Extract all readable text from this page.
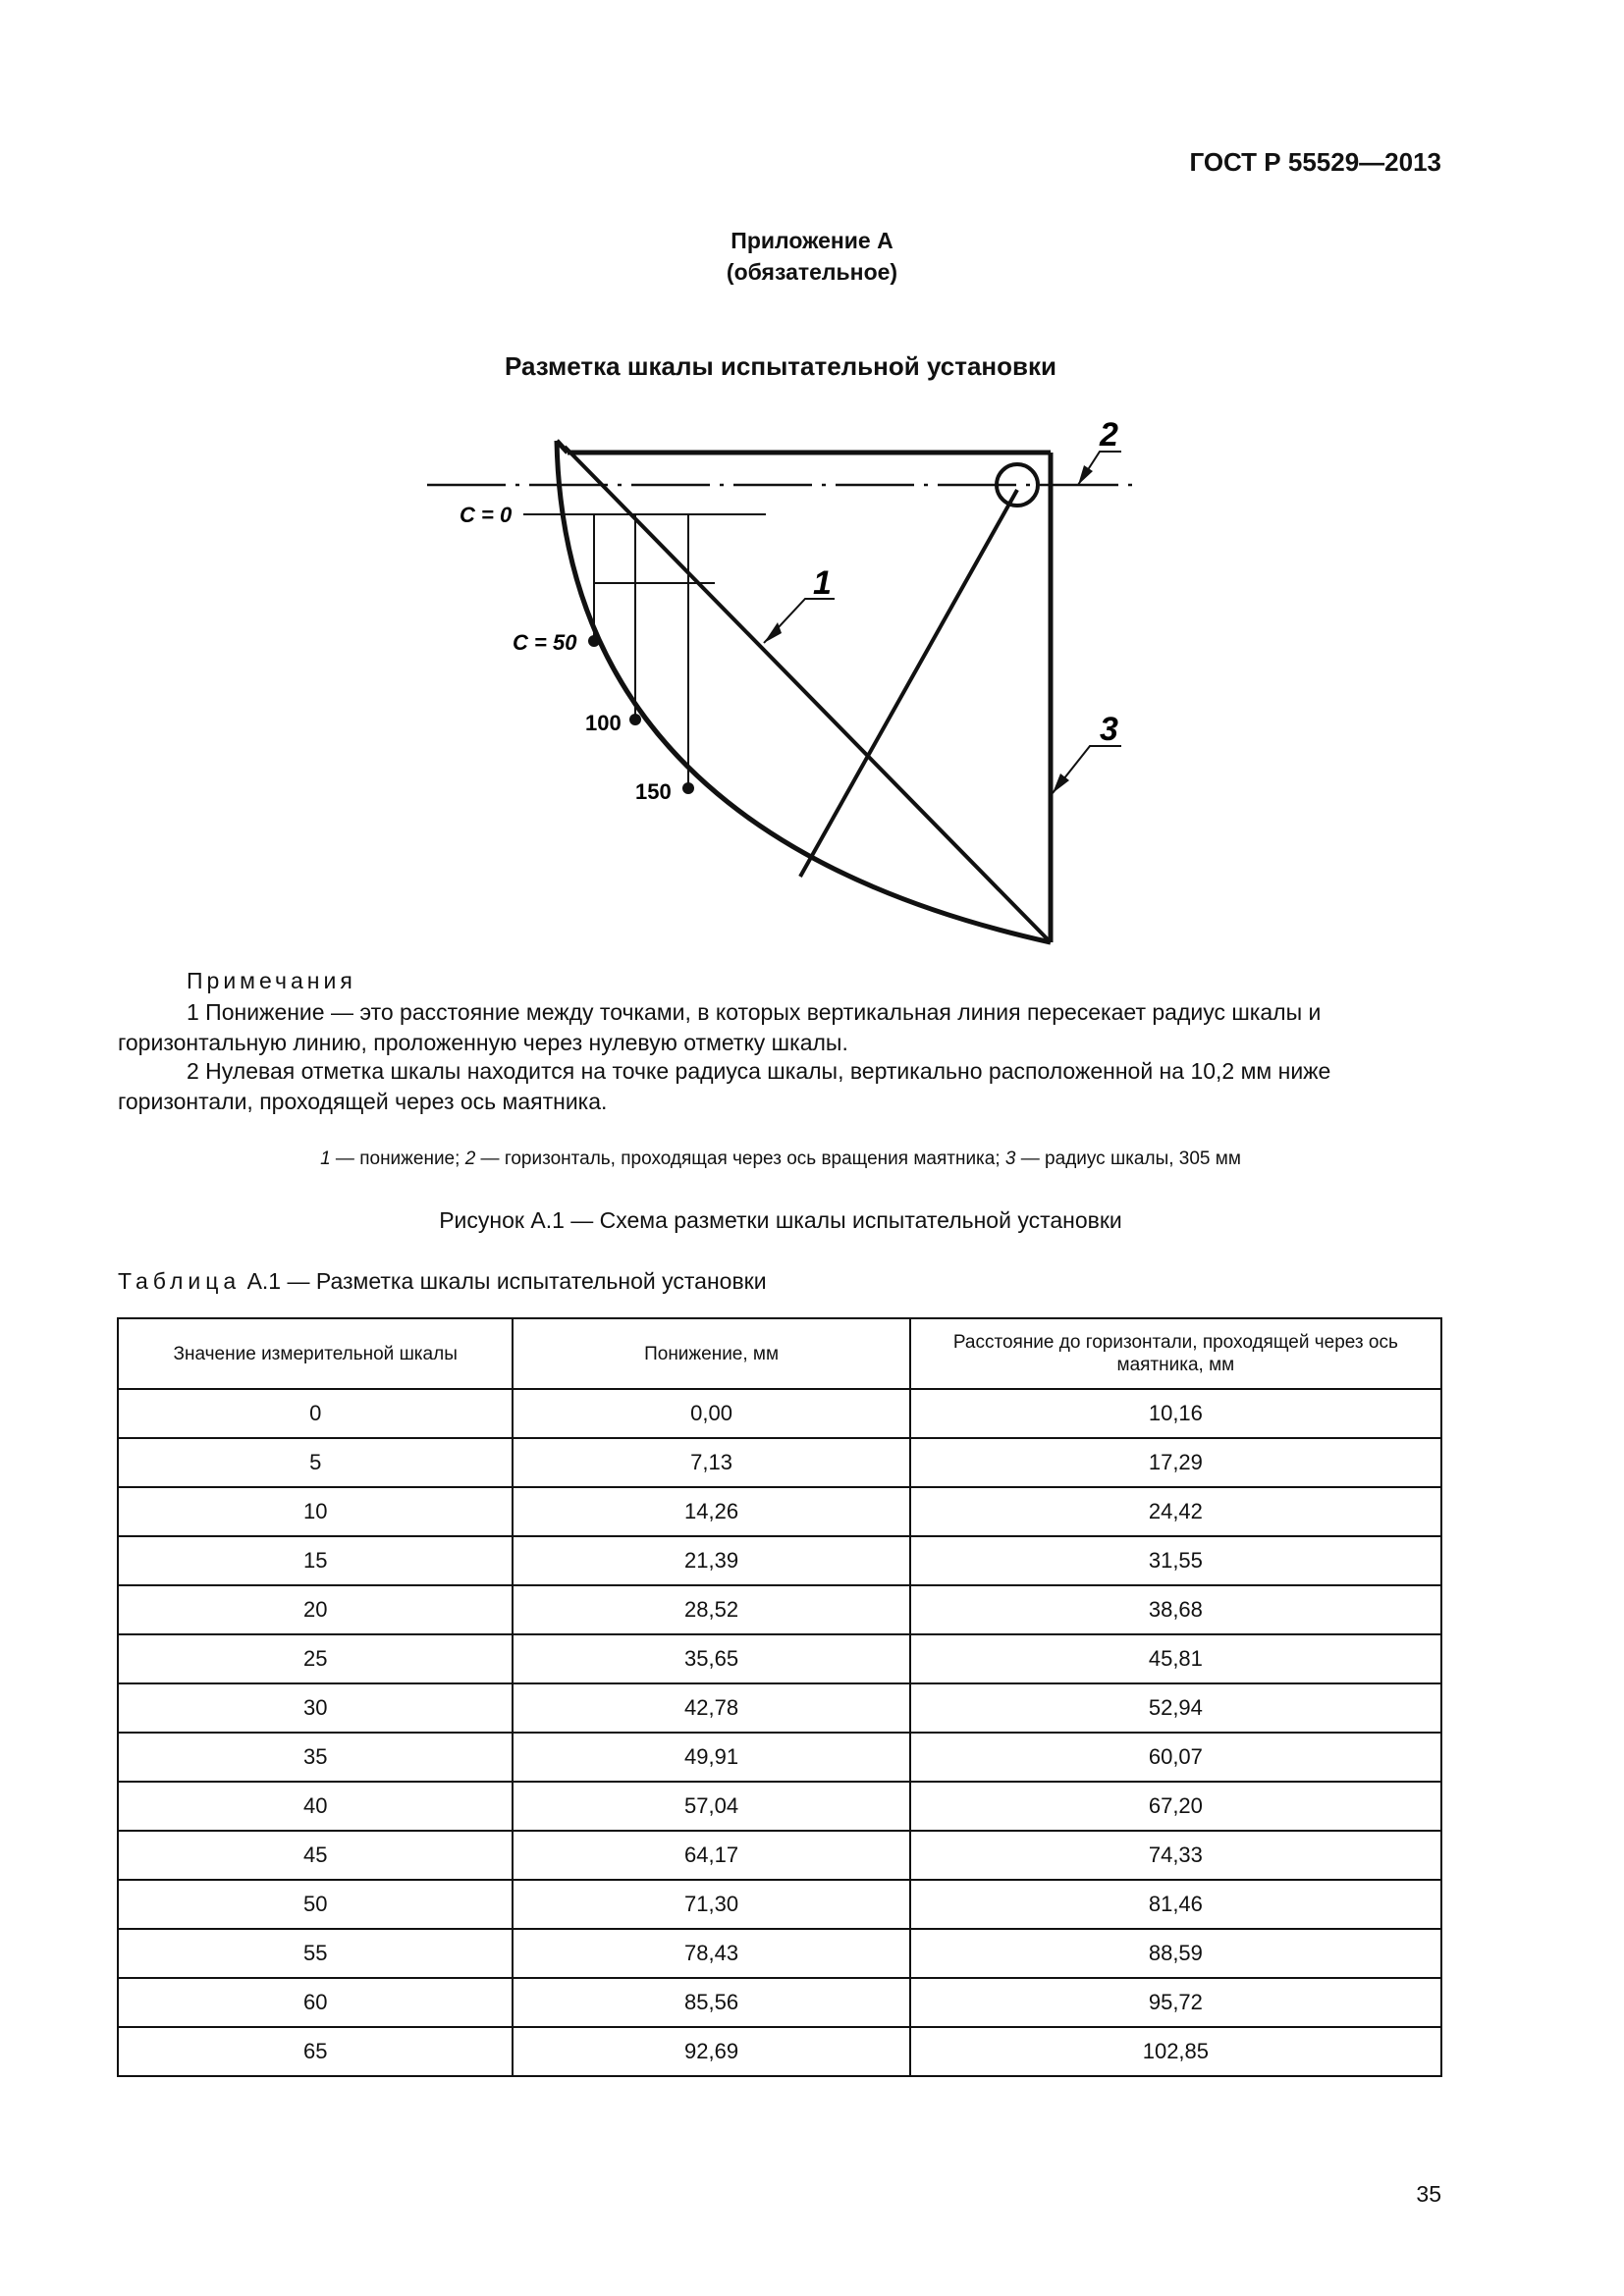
ГОСТ Р 55529—2013
Приложение А
(обязательное)
Разметка шкалы испытательной установки
C = 0
C = 50
100
150
1
2
3
Примечания
1 Понижение — это расстояние между точками, в которых вертикальная линия пересекает радиус шкалы и горизонтальную линию, проложенную через нулевую отметку шкалы.
2 Нулевая отметка шкалы находится на точке радиуса шкалы, вертикально расположенной на 10,2 мм ниже горизонтали, проходящей через ось маятника.
1 — понижение; 2 — горизонталь, проходящая через ось вращения маятника; 3 — радиус шкалы, 305 мм
Рисунок А.1 — Схема разметки шкалы испытательной установки
Таблица А.1 — Разметка шкалы испытательной установки
Значение измерительной шкалы	Понижение, мм	Расстояние до горизонтали, проходящей через ось маятника, мм
0	0,00	10,16
5	7,13	17,29
10	14,26	24,42
15	21,39	31,55
20	28,52	38,68
25	35,65	45,81
30	42,78	52,94
35	49,91	60,07
40	57,04	67,20
45	64,17	74,33
50	71,30	81,46
55	78,43	88,59
60	85,56	95,72
65	92,69	102,85
35
